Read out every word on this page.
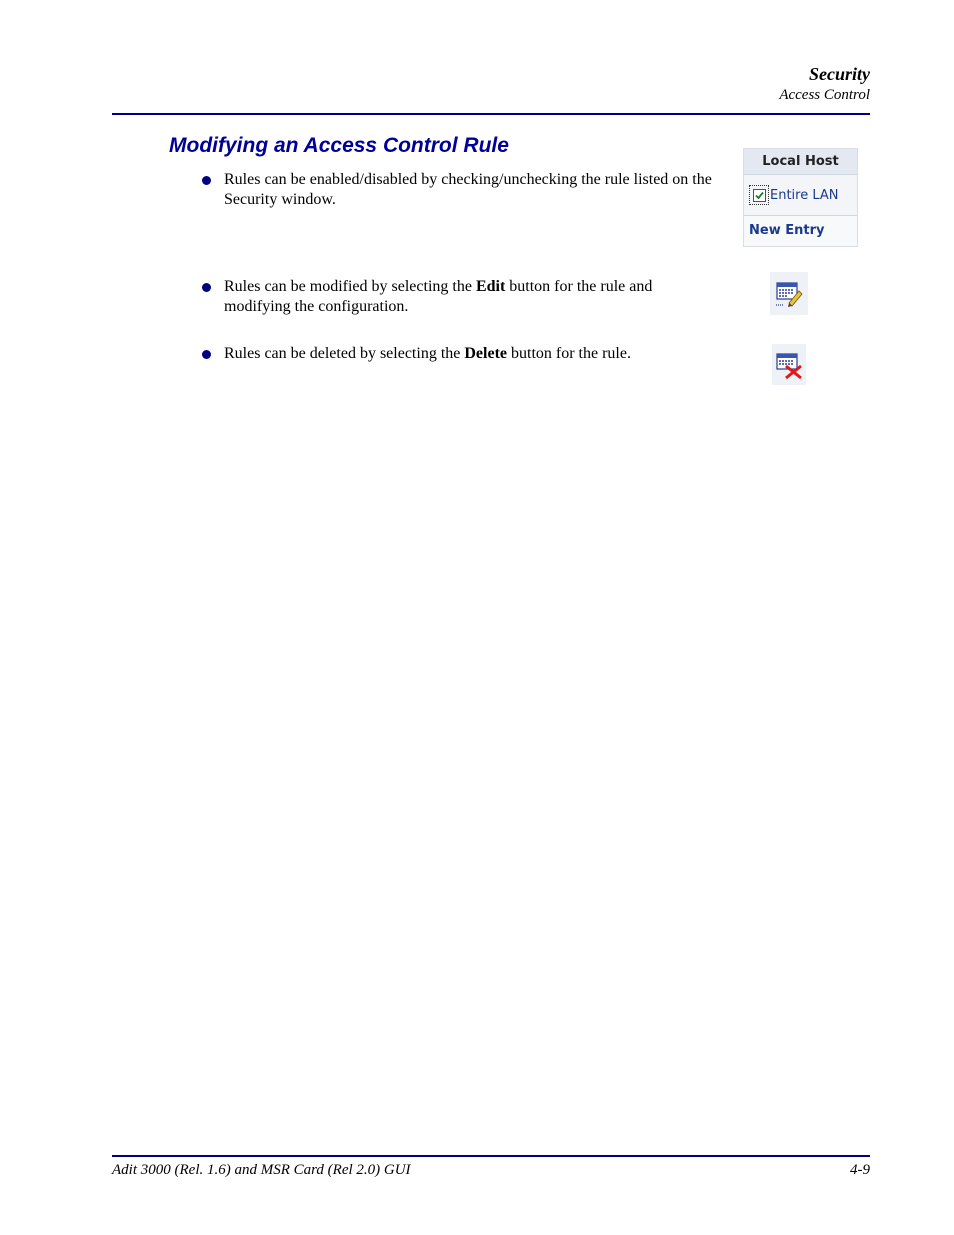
Security
Access Control
Modifying an Access Control Rule
Rules can be enabled/disabled by checking/unchecking the rule listed on the Security window.
Rules can be modified by selecting the Edit button for the rule and modifying the configuration.
Rules can be deleted by selecting the Delete button for the rule.
Local Host
Entire LAN
New Entry
Adit 3000 (Rel. 1.6) and MSR Card (Rel 2.0) GUI	4-9
